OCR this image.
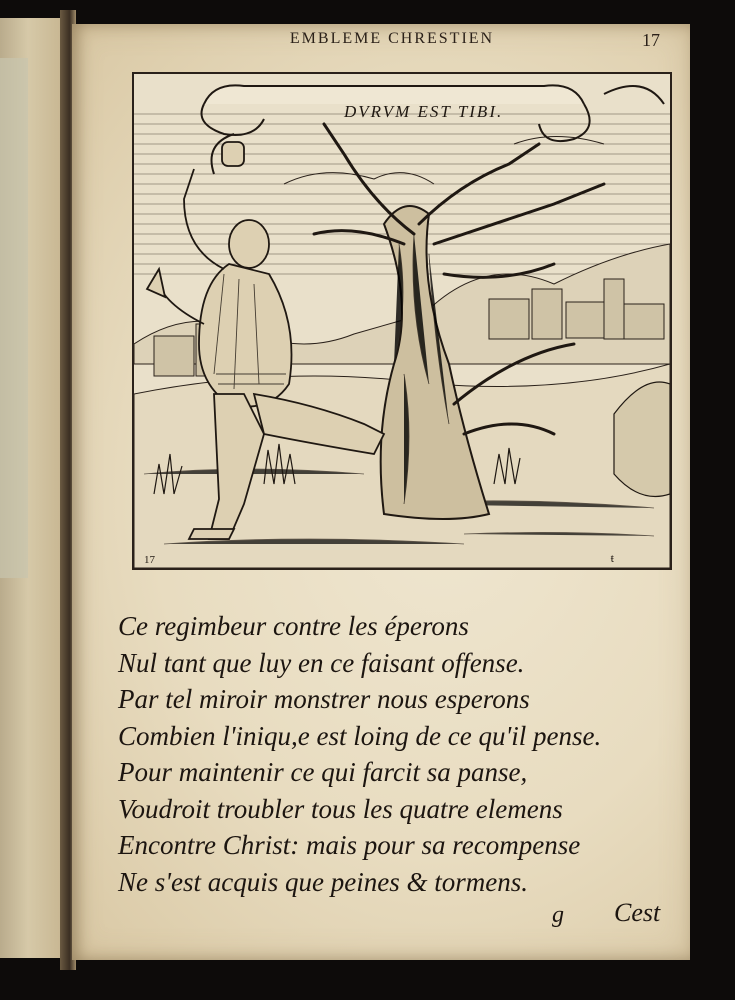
EMBLEME CHRESTIEN	17
DVRVM EST TIBI.
17	ŧ
Ce regimbeur contre les éperons
Nul tant que luy en ce faisant offense.
Par tel miroir monstrer nous esperons
Combien l'iniqu,e est loing de ce qu'il pense.
Pour maintenir ce qui farcit sa panse,
Voudroit troubler tous les quatre elemens
Encontre Christ: mais pour sa recompense
Ne s'est acquis que peines & tormens.
g Cest
